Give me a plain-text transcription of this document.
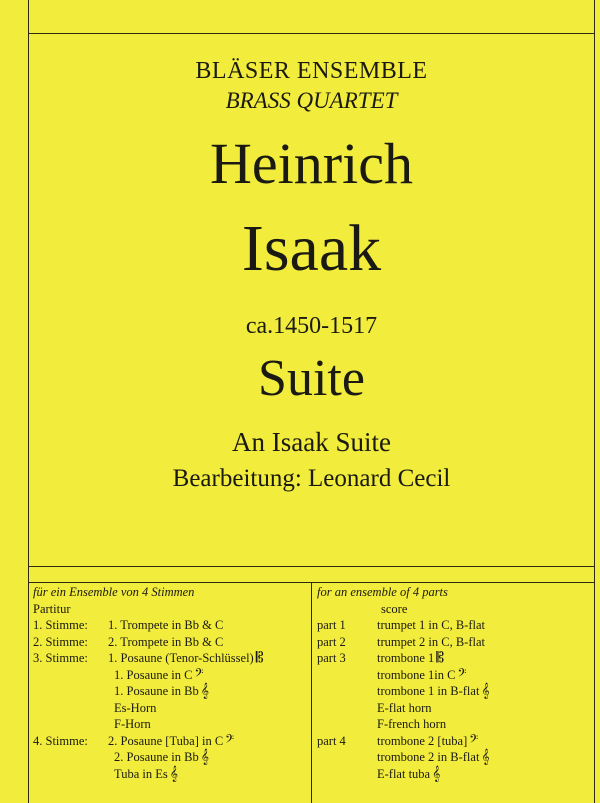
BLÄSER ENSEMBLE
BRASS QUARTET
Heinrich
Isaak
ca.1450-1517
Suite
An Isaak Suite
Bearbeitung: Leonard Cecil
für ein Ensemble von 4 Stimmen
Partitur
1. Stimme: 1. Trompete in Bb & C
2. Stimme: 2. Trompete in Bb & C
3. Stimme: 1. Posaune (Tenor-Schlüssel) 𝄡
1. Posaune in C 𝄢
1. Posaune in Bb 𝄞
Es-Horn
F-Horn
4. Stimme: 2. Posaune [Tuba] in C 𝄢
2. Posaune in Bb 𝄞
Tuba in Es 𝄞
for an ensemble of 4 parts
score
part 1 trumpet 1 in C, B-flat
part 2 trumpet 2 in C, B-flat
part 3 trombone 1 𝄡
trombone 1in C 𝄢
trombone 1 in B-flat 𝄞
E-flat horn
F-french horn
part 4 trombone 2 [tuba] 𝄢
trombone 2 in B-flat 𝄞
E-flat tuba 𝄞
